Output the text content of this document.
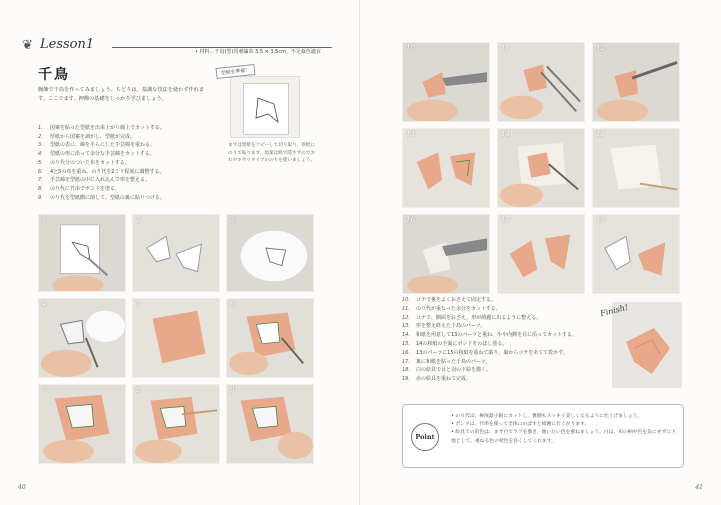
❦ Lesson1	• 材料…千鳥(型)用刺繍糸 3.5 × 3.5cm、不足裁色適宜
千鳥
胸飾で千鳥を作ってみましょう。ちどりは、基調な技法を使わず作れます。ここでます、押飾の基礎をしっかり学びましょう。
1. 図案を貼った型紙を出来上がり線上でカットする。
2. 厚紙から図案を剥がし、型紙が完成。
3. 型紙の表に、綿を平らにした手芸綿を重ねる。
4. 型紙の形に沿って余分な手芸綿をカットする。
5. のり代分のついた布をカットする。
6. 4と5の布を重ね、のり代を2ミリ程度に調整する。
7. 手芸綿を型紙の中に入れ込んで形を整える。
8. のり代に竹串でボンドを塗る。
9. のり代を型紙側に倒して、型紙の裏に貼りつける。
型紙を準備！
まずは型紙をコピーして切り取り、厚紙にのりで貼ります。図案は紙で隠さずのでおれやホヤリタイプののりを使いましょう。
1	2	3
4	5	6
7	8	9
40	41
10	11	12
13	14	15
16	17	18
10. コテで裏をよくおさえて固定する。
11. のり代が重なった余分をカットする。
12. コテで、側面をおさえ、形が綺麗に出るように整える。
13. 形を整え終えた千鳥のパーツ。
14. 和紙を用意して13のパーツと重ね、やや内側を目に沿ってカットする。
15. 14の和紙の全面にボンドをのばし塗る。
16. 13のパーツに15の和紙を重ねて貼り、裏からコテをあてて乾かす。
17. 裏に和紙を貼った千鳥のパーツ。
18. 白の絵具で目と羽の下絵を描く。
19. 赤の絵具を重ねて完成。
Finish!
Point
• のり代は、極度最小限にカットし、裏側もスッキリ美しくなるように仕上げましょう。
• ボンドは、竹串を使って全体にのばすと綺麗に仕上がります。
• 絵具での彩色は、まず白でラフを描き、使いたい色を重ねましょう。白は、布の柄や色を気にせずに下地として、重ねる色の発色を良くしてくれます。
